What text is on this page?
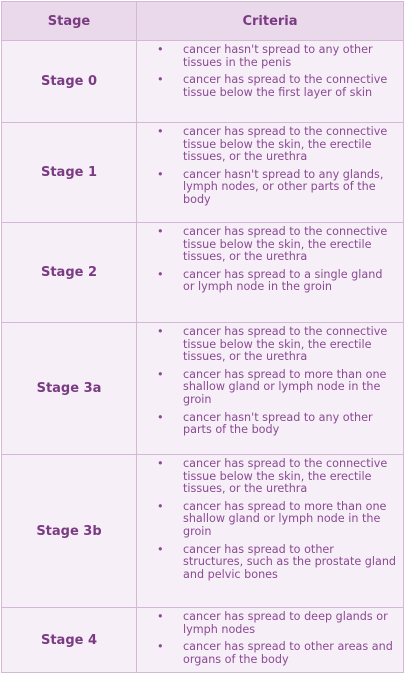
Stage	Criteria
Stage 0
•	cancer hasn't spread to any other tissues in the penis
•	cancer has spread to the connective tissue below the first layer of skin
Stage 1
•	cancer has spread to the connective tissue below the skin, the erectile tissues, or the urethra
•	cancer hasn't spread to any glands, lymph nodes, or other parts of the body
Stage 2
•	cancer has spread to the connective tissue below the skin, the erectile tissues, or the urethra
•	cancer has spread to a single gland or lymph node in the groin
Stage 3a
•	cancer has spread to the connective tissue below the skin, the erectile tissues, or the urethra
•	cancer has spread to more than one shallow gland or lymph node in the groin
•	cancer hasn't spread to any other parts of the body
Stage 3b
•	cancer has spread to the connective tissue below the skin, the erectile tissues, or the urethra
•	cancer has spread to more than one shallow gland or lymph node in the groin
•	cancer has spread to other structures, such as the prostate gland and pelvic bones
Stage 4
•	cancer has spread to deep glands or lymph nodes
•	cancer has spread to other areas and organs of the body
